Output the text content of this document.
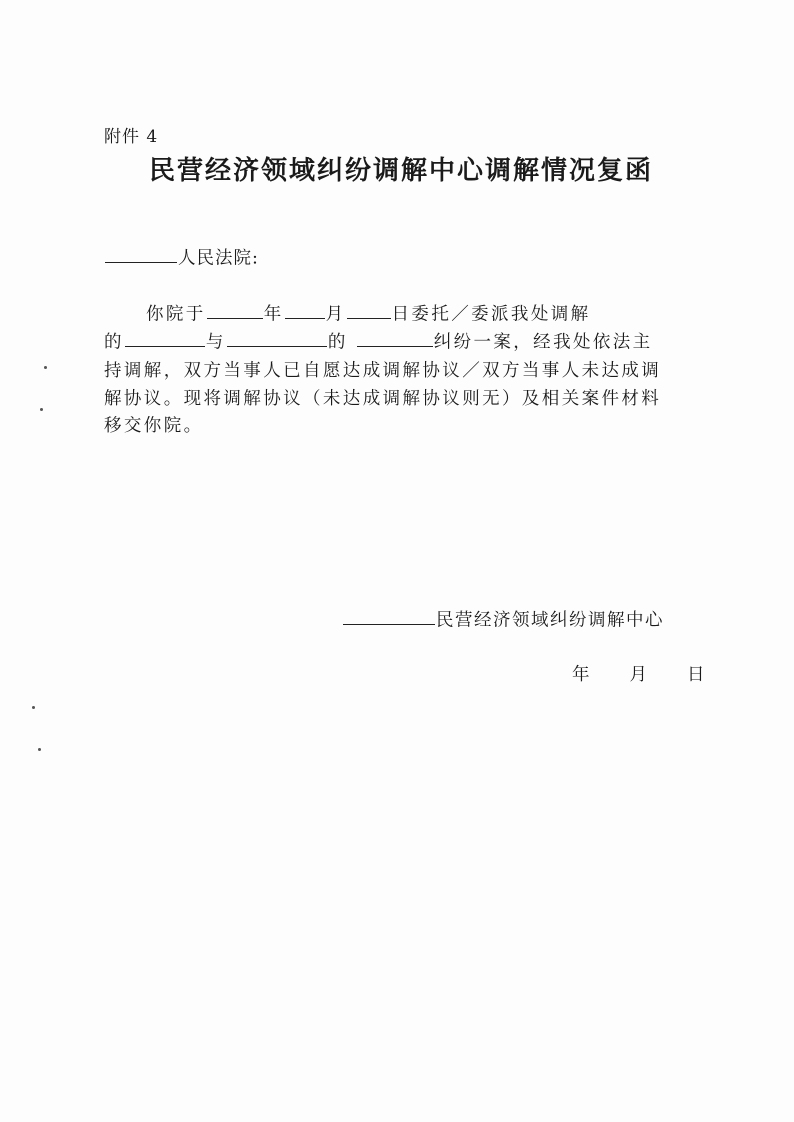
附件 4
民营经济领域纠纷调解中心调解情况复函
人民法院:
你院于	年 月	日委托／委派我处调解
的	与	的	纠纷一案，经我处依法主
持调解，双方当事人已自愿达成调解协议／双方当事人未达成调
解协议。现将调解协议（未达成调解协议则无）及相关案件材料
移交你院。
民营经济领域纠纷调解中心
年 月 日
